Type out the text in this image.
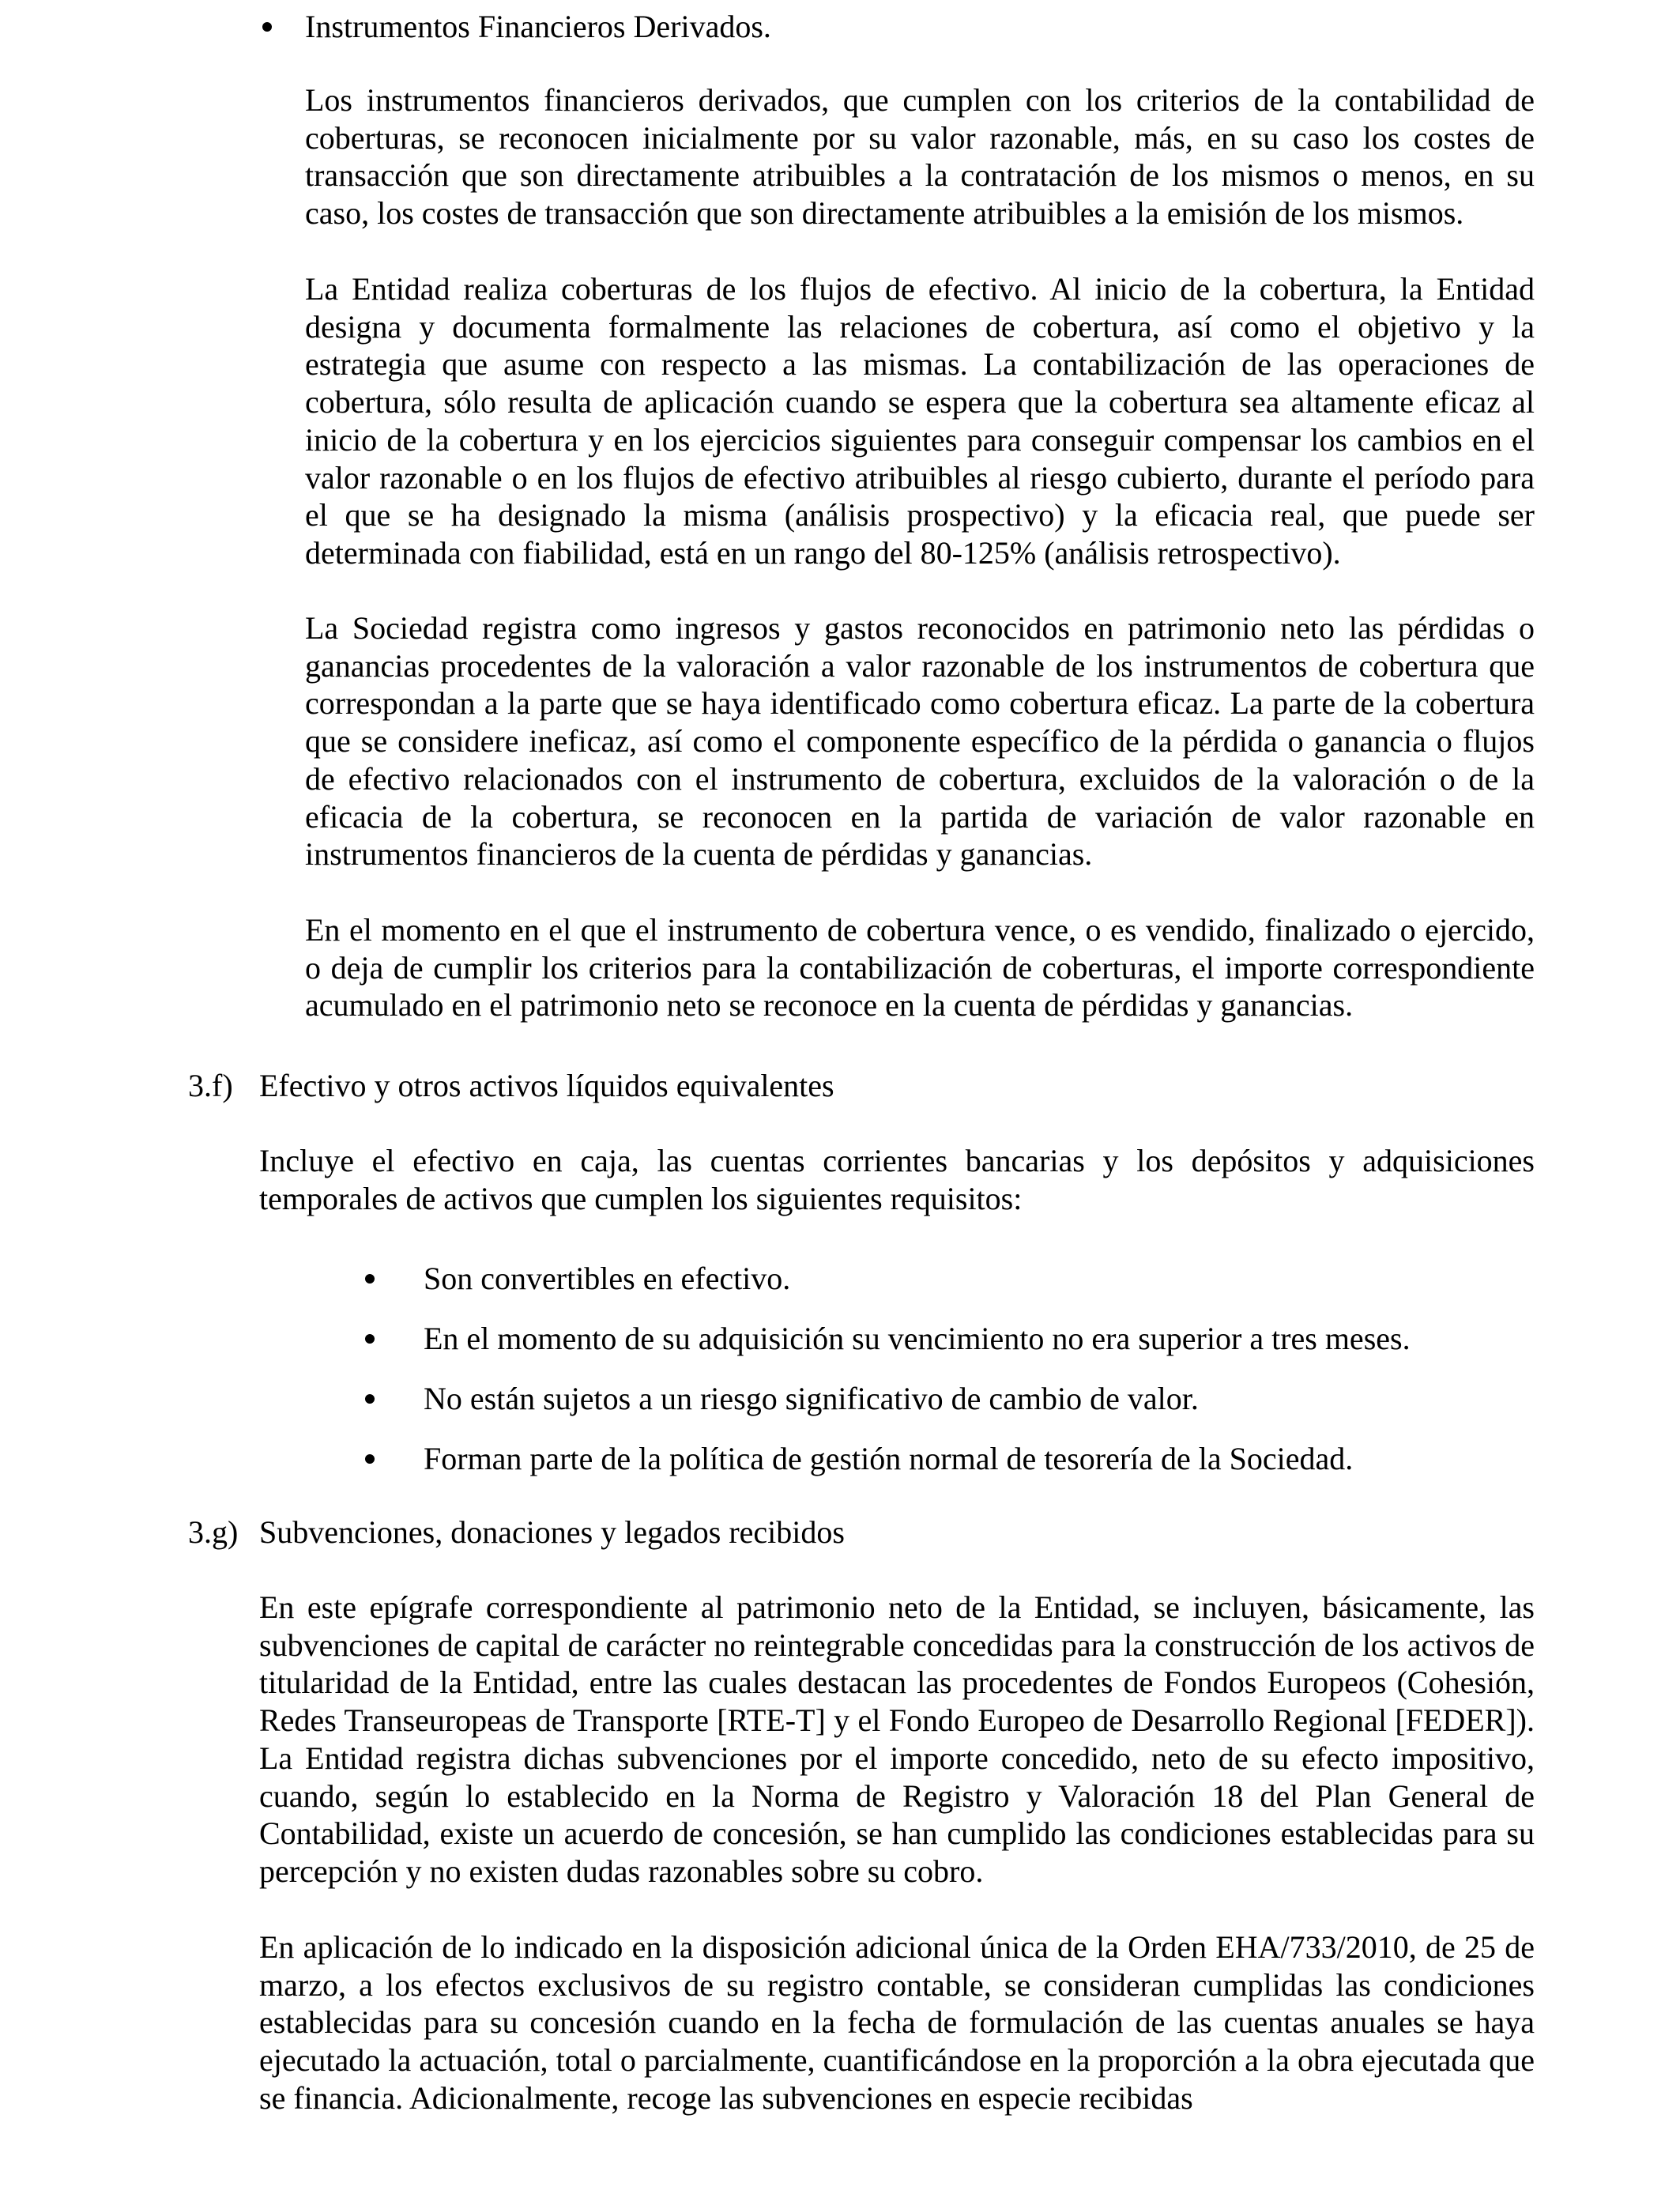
Instrumentos Financieros Derivados.

Los instrumentos financieros derivados, que cumplen con los criterios de la contabilidad de coberturas, se reconocen inicialmente por su valor razonable, más, en su caso los costes de transacción que son directamente atribuibles a la contratación de los mismos o menos, en su caso, los costes de transacción que son directamente atribuibles a la emisión de los mismos.

La Entidad realiza coberturas de los flujos de efectivo. Al inicio de la cobertura, la Entidad designa y documenta formalmente las relaciones de cobertura, así como el objetivo y la estrategia que asume con respecto a las mismas. La contabilización de las operaciones de cobertura, sólo resulta de aplicación cuando se espera que la cobertura sea altamente eficaz al inicio de la cobertura y en los ejercicios siguientes para conseguir compensar los cambios en el valor razonable o en los flujos de efectivo atribuibles al riesgo cubierto, durante el período para el que se ha designado la misma (análisis prospectivo) y la eficacia real, que puede ser determinada con fiabilidad, está en un rango del 80-125% (análisis retrospectivo).

La Sociedad registra como ingresos y gastos reconocidos en patrimonio neto las pérdidas o ganancias procedentes de la valoración a valor razonable de los instrumentos de cobertura que correspondan a la parte que se haya identificado como cobertura eficaz. La parte de la cobertura que se considere ineficaz, así como el componente específico de la pérdida o ganancia o flujos de efectivo relacionados con el instrumento de cobertura, excluidos de la valoración o de la eficacia de la cobertura, se reconocen en la partida de variación de valor razonable en instrumentos financieros de la cuenta de pérdidas y ganancias.

En el momento en el que el instrumento de cobertura vence, o es vendido, finalizado o ejercido, o deja de cumplir los criterios para la contabilización de coberturas, el importe correspondiente acumulado en el patrimonio neto se reconoce en la cuenta de pérdidas y ganancias.

3.f) Efectivo y otros activos líquidos equivalentes

Incluye el efectivo en caja, las cuentas corrientes bancarias y los depósitos y adquisiciones temporales de activos que cumplen los siguientes requisitos:

Son convertibles en efectivo.
En el momento de su adquisición su vencimiento no era superior a tres meses.
No están sujetos a un riesgo significativo de cambio de valor.
Forman parte de la política de gestión normal de tesorería de la Sociedad.
3.g) Subvenciones, donaciones y legados recibidos

En este epígrafe correspondiente al patrimonio neto de la Entidad, se incluyen, básicamente, las subvenciones de capital de carácter no reintegrable concedidas para la construcción de los activos de titularidad de la Entidad, entre las cuales destacan las procedentes de Fondos Europeos (Cohesión, Redes Transeuropeas de Transporte [RTE-T] y el Fondo Europeo de Desarrollo Regional [FEDER]). La Entidad registra dichas subvenciones por el importe concedido, neto de su efecto impositivo, cuando, según lo establecido en la Norma de Registro y Valoración 18 del Plan General de Contabilidad, existe un acuerdo de concesión, se han cumplido las condiciones establecidas para su percepción y no existen dudas razonables sobre su cobro.

En aplicación de lo indicado en la disposición adicional única de la Orden EHA/733/2010, de 25 de marzo, a los efectos exclusivos de su registro contable, se consideran cumplidas las condiciones establecidas para su concesión cuando en la fecha de formulación de las cuentas anuales se haya ejecutado la actuación, total o parcialmente, cuantificándose en la proporción a la obra ejecutada que se financia. Adicionalmente, recoge las subvenciones en especie recibidas
